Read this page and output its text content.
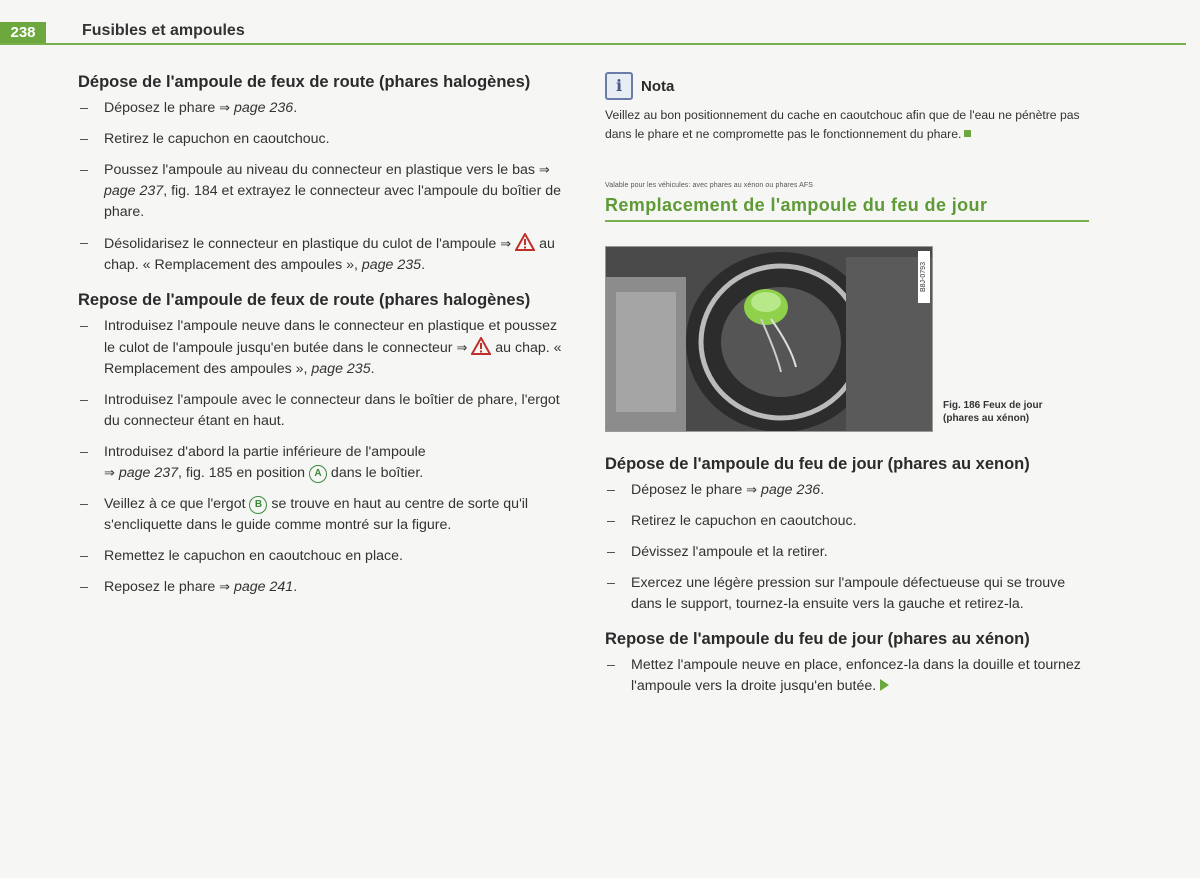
238	Fusibles et ampoules
Dépose de l'ampoule de feux de route (phares halogènes)
– Déposez le phare ⇒ page 236.
– Retirez le capuchon en caoutchouc.
– Poussez l'ampoule au niveau du connecteur en plastique vers le bas ⇒ page 237, fig. 184 et extrayez le connecteur avec l'ampoule du boîtier de phare.
– Désolidarisez le connecteur en plastique du culot de l'ampoule ⇒  au chap. « Remplacement des ampoules », page 235.
Repose de l'ampoule de feux de route (phares halogènes)
– Introduisez l'ampoule neuve dans le connecteur en plastique et poussez le culot de l'ampoule jusqu'en butée dans le connecteur ⇒  au chap. « Remplacement des ampoules », page 235.
– Introduisez l'ampoule avec le connecteur dans le boîtier de phare, l'ergot du connecteur étant en haut.
– Introduisez d'abord la partie inférieure de l'ampoule
⇒ page 237, fig. 185 en position A dans le boîtier.
– Veillez à ce que l'ergot B se trouve en haut au centre de sorte qu'il s'encliquette dans le guide comme montré sur la figure.
– Remettez le capuchon en caoutchouc en place.
– Reposez le phare ⇒ page 241.
i	Nota
Veillez au bon positionnement du cache en caoutchouc afin que de l'eau ne pénètre pas dans le phare et ne compromette pas le fonctionnement du phare.
Valable pour les véhicules: avec phares au xénon ou phares AFS
Remplacement de l'ampoule du feu de jour
B8J-0793
Fig. 186 Feux de jour
(phares au xénon)
Dépose de l'ampoule du feu de jour (phares au xenon)
– Déposez le phare ⇒ page 236.
– Retirez le capuchon en caoutchouc.
– Dévissez l'ampoule et la retirer.
– Exercez une légère pression sur l'ampoule défectueuse qui se trouve dans le support, tournez-la ensuite vers la gauche et retirez-la.
Repose de l'ampoule du feu de jour (phares au xénon)
– Mettez l'ampoule neuve en place, enfoncez-la dans la douille et tournez l'ampoule vers la droite jusqu'en butée.
